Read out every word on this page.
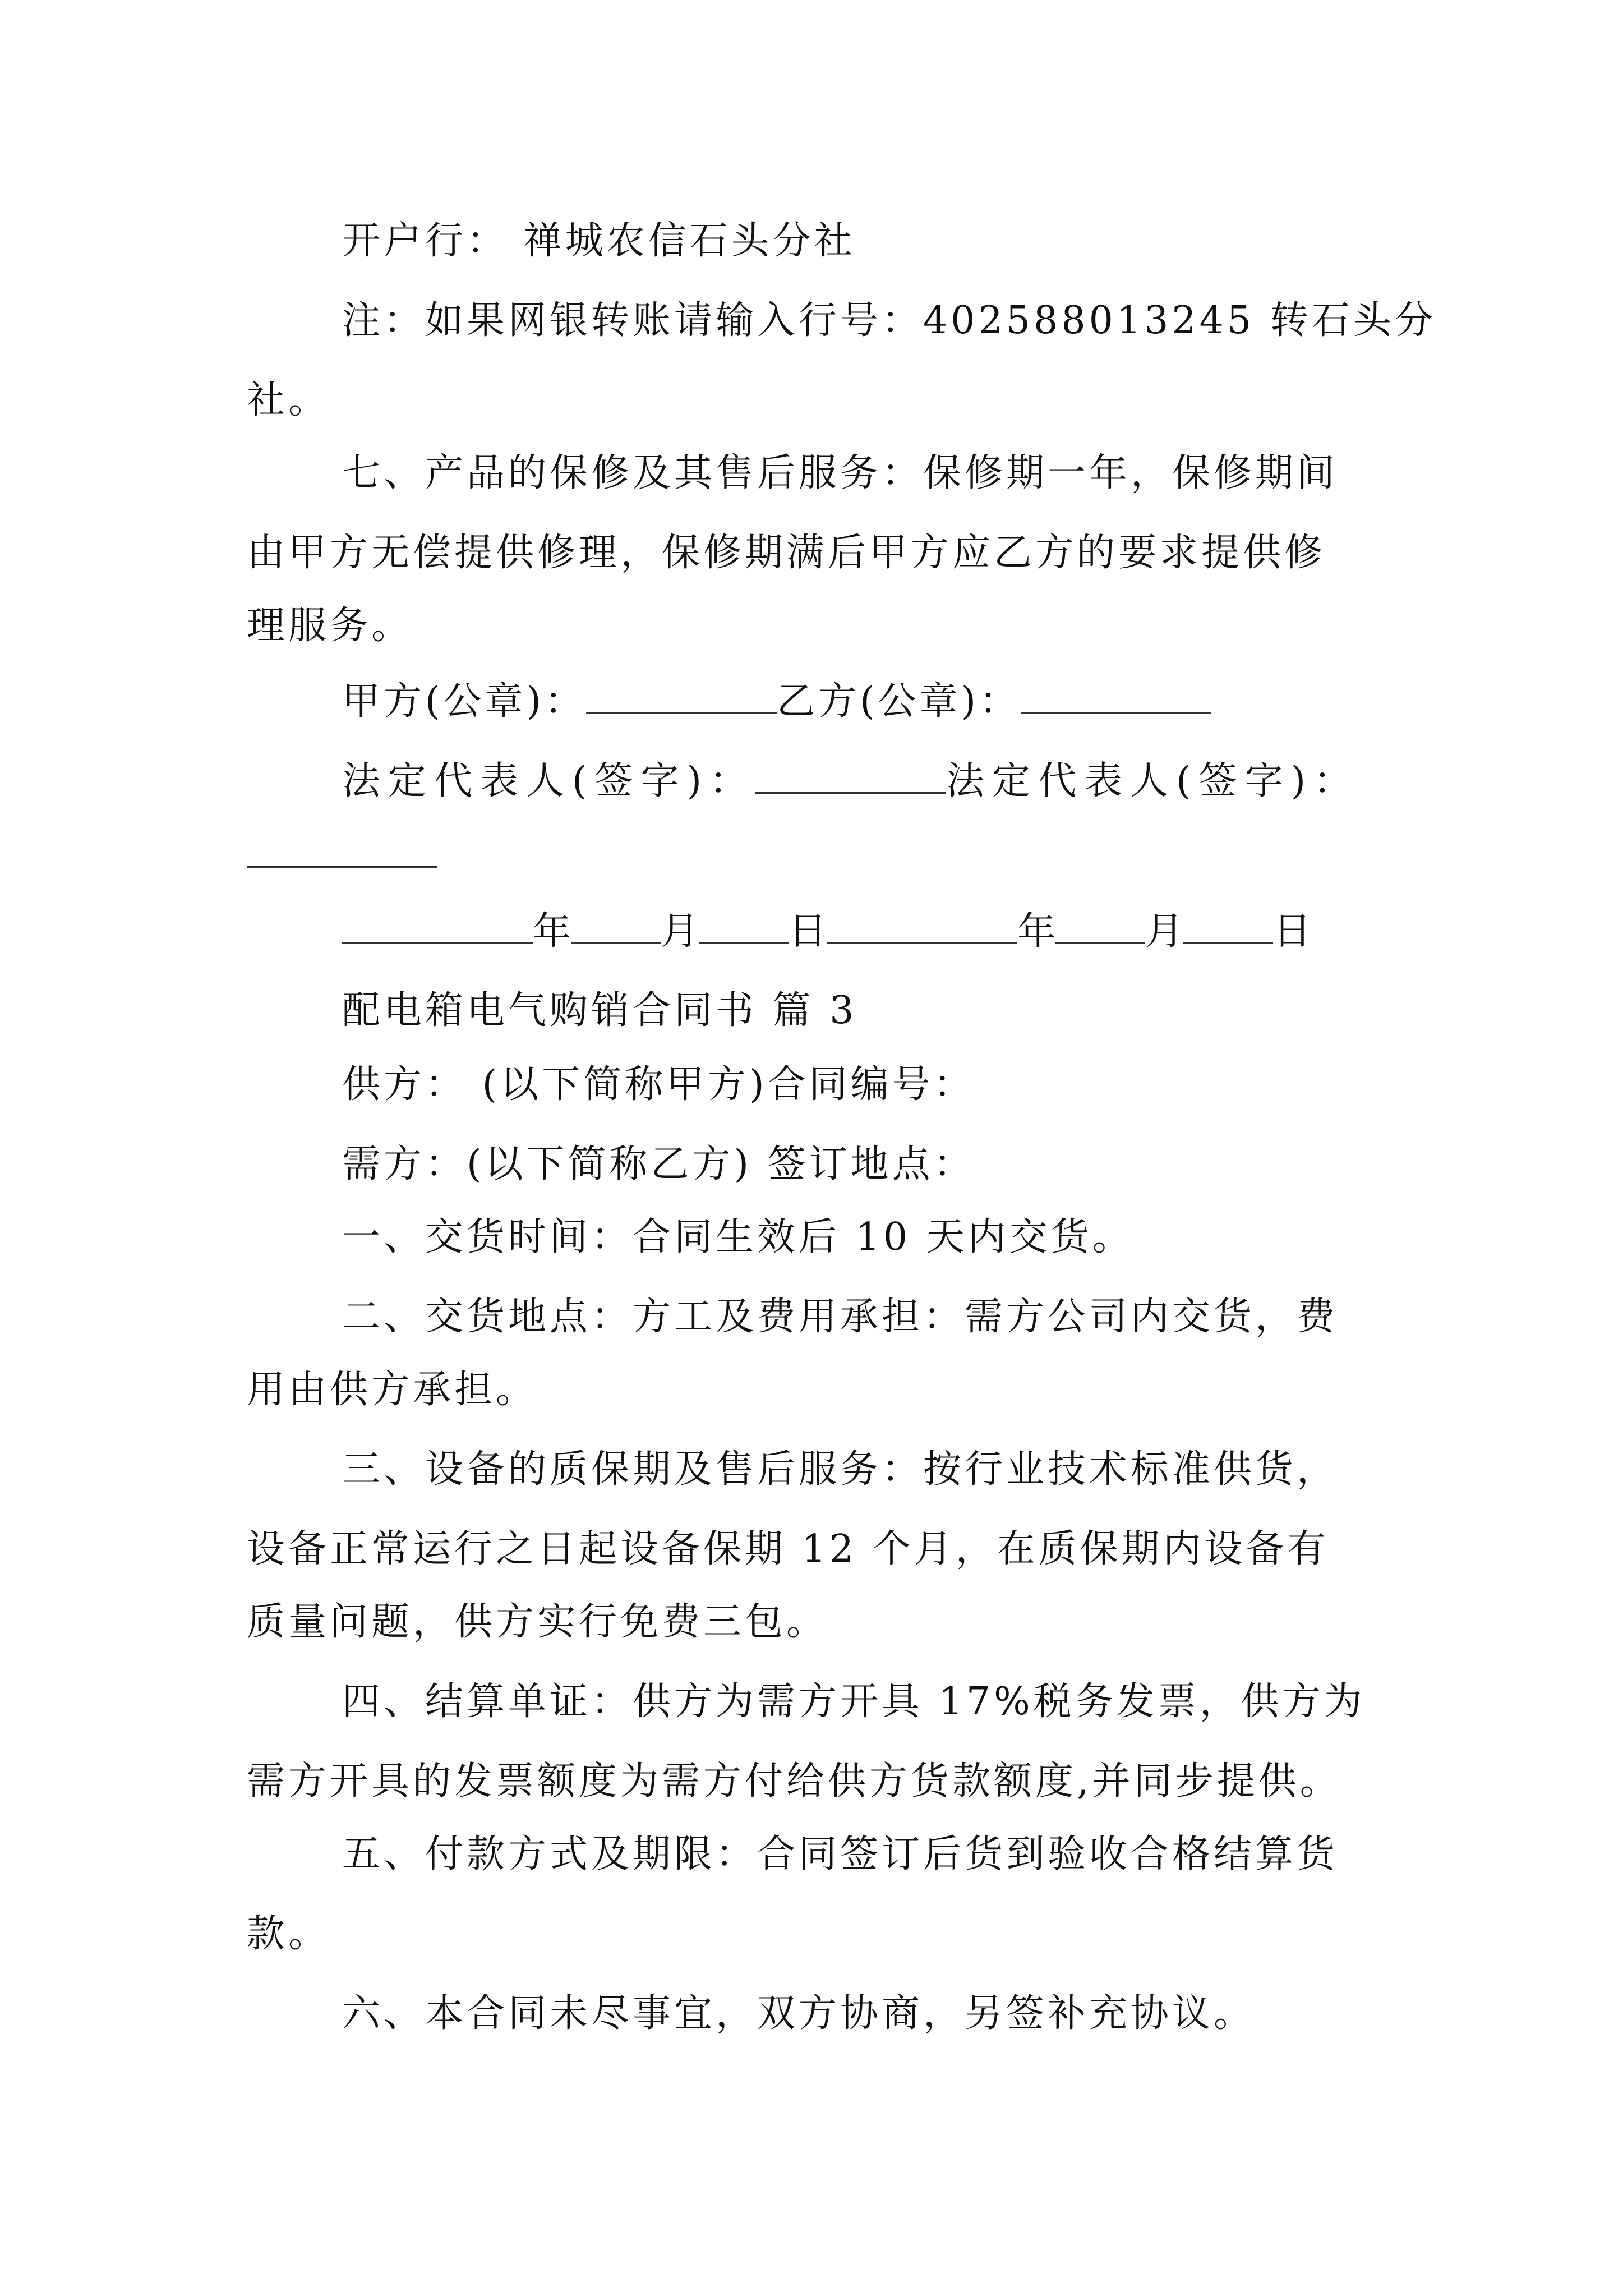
开户行： 禅城农信石头分社
注：如果网银转账请输入行号：402588013245 转石头分
社。
七、产品的保修及其售后服务：保修期一年，保修期间
由甲方无偿提供修理，保修期满后甲方应乙方的要求提供修
理服务。
甲方(公章)：	乙方(公章)：
法定代表人(签字)：	法定代表人(签字)：
年 月 日	年 月 日
配电箱电气购销合同书 篇 3
供方： (以下简称甲方)合同编号：
需方：(以下简称乙方) 签订地点：
一、交货时间：合同生效后 10 天内交货。
二、交货地点：方工及费用承担：需方公司内交货，费
用由供方承担。
三、设备的质保期及售后服务：按行业技术标准供货，
设备正常运行之日起设备保期 12 个月，在质保期内设备有
质量问题，供方实行免费三包。
四、结算单证：供方为需方开具 17%税务发票，供方为
需方开具的发票额度为需方付给供方货款额度,并同步提供。
五、付款方式及期限：合同签订后货到验收合格结算货
款。
六、本合同未尽事宜，双方协商，另签补充协议。
